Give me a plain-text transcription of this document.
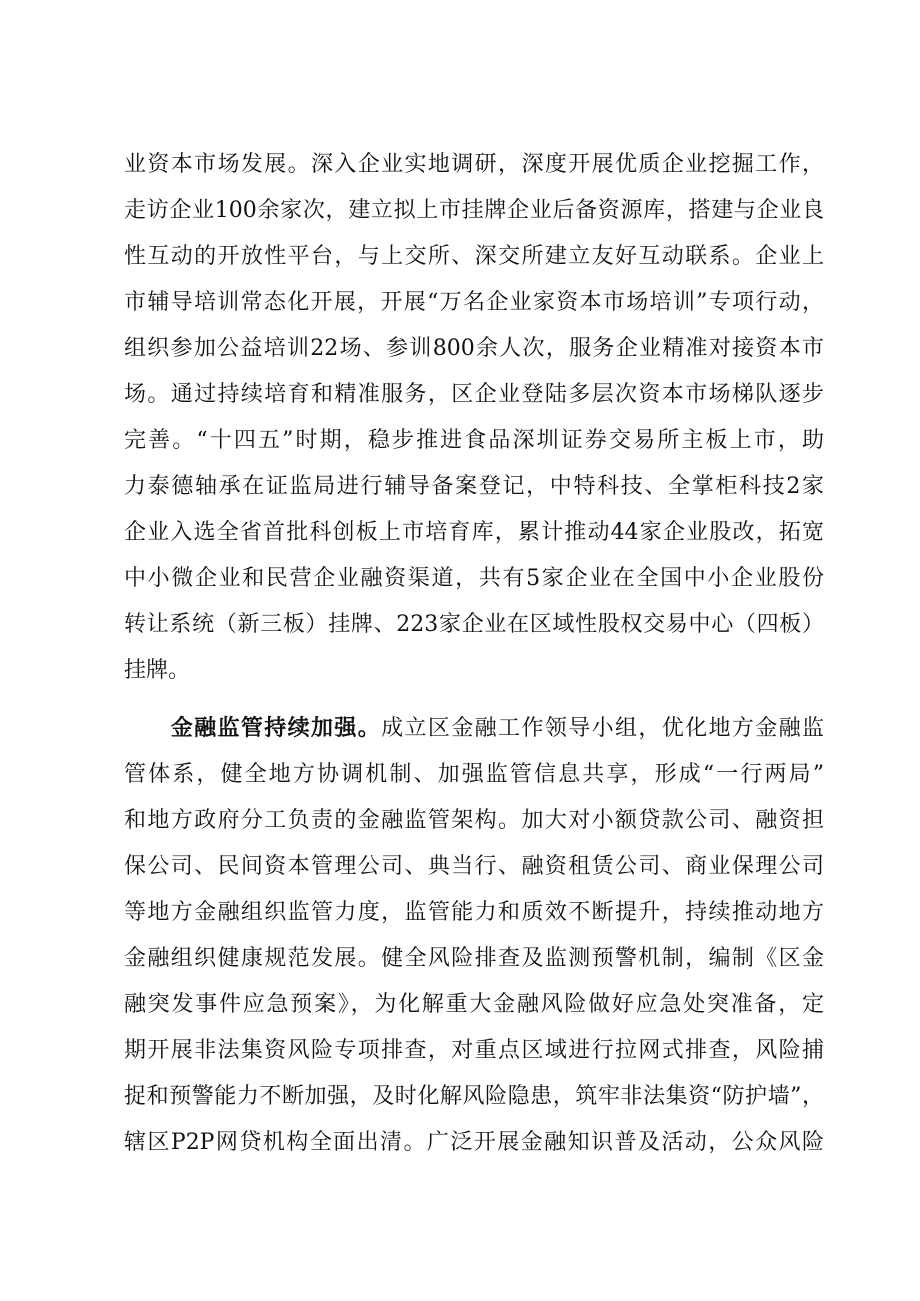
业资本市场发展。深入企业实地调研，深度开展优质企业挖掘工作，
走访企业100余家次，建立拟上市挂牌企业后备资源库，搭建与企业良
性互动的开放性平台，与上交所、深交所建立友好互动联系。企业上
市辅导培训常态化开展，开展“万名企业家资本市场培训”专项行动，
组织参加公益培训22场、参训800余人次，服务企业精准对接资本市
场。通过持续培育和精准服务，区企业登陆多层次资本市场梯队逐步
完善。“十四五”时期，稳步推进食品深圳证券交易所主板上市，助
力泰德轴承在证监局进行辅导备案登记，中特科技、全掌柜科技2家
企业入选全省首批科创板上市培育库，累计推动44家企业股改，拓宽
中小微企业和民营企业融资渠道，共有5家企业在全国中小企业股份
转让系统（新三板）挂牌、223家企业在区域性股权交易中心（四板）
挂牌。
　　金融监管持续加强。成立区金融工作领导小组，优化地方金融监
管体系，健全地方协调机制、加强监管信息共享，形成“一行两局”
和地方政府分工负责的金融监管架构。加大对小额贷款公司、融资担
保公司、民间资本管理公司、典当行、融资租赁公司、商业保理公司
等地方金融组织监管力度，监管能力和质效不断提升，持续推动地方
金融组织健康规范发展。健全风险排查及监测预警机制，编制《区金
融突发事件应急预案》，为化解重大金融风险做好应急处突准备，定
期开展非法集资风险专项排查，对重点区域进行拉网式排查，风险捕
捉和预警能力不断加强，及时化解风险隐患，筑牢非法集资“防护墙”，
辖区P2P网贷机构全面出清。广泛开展金融知识普及活动，公众风险
